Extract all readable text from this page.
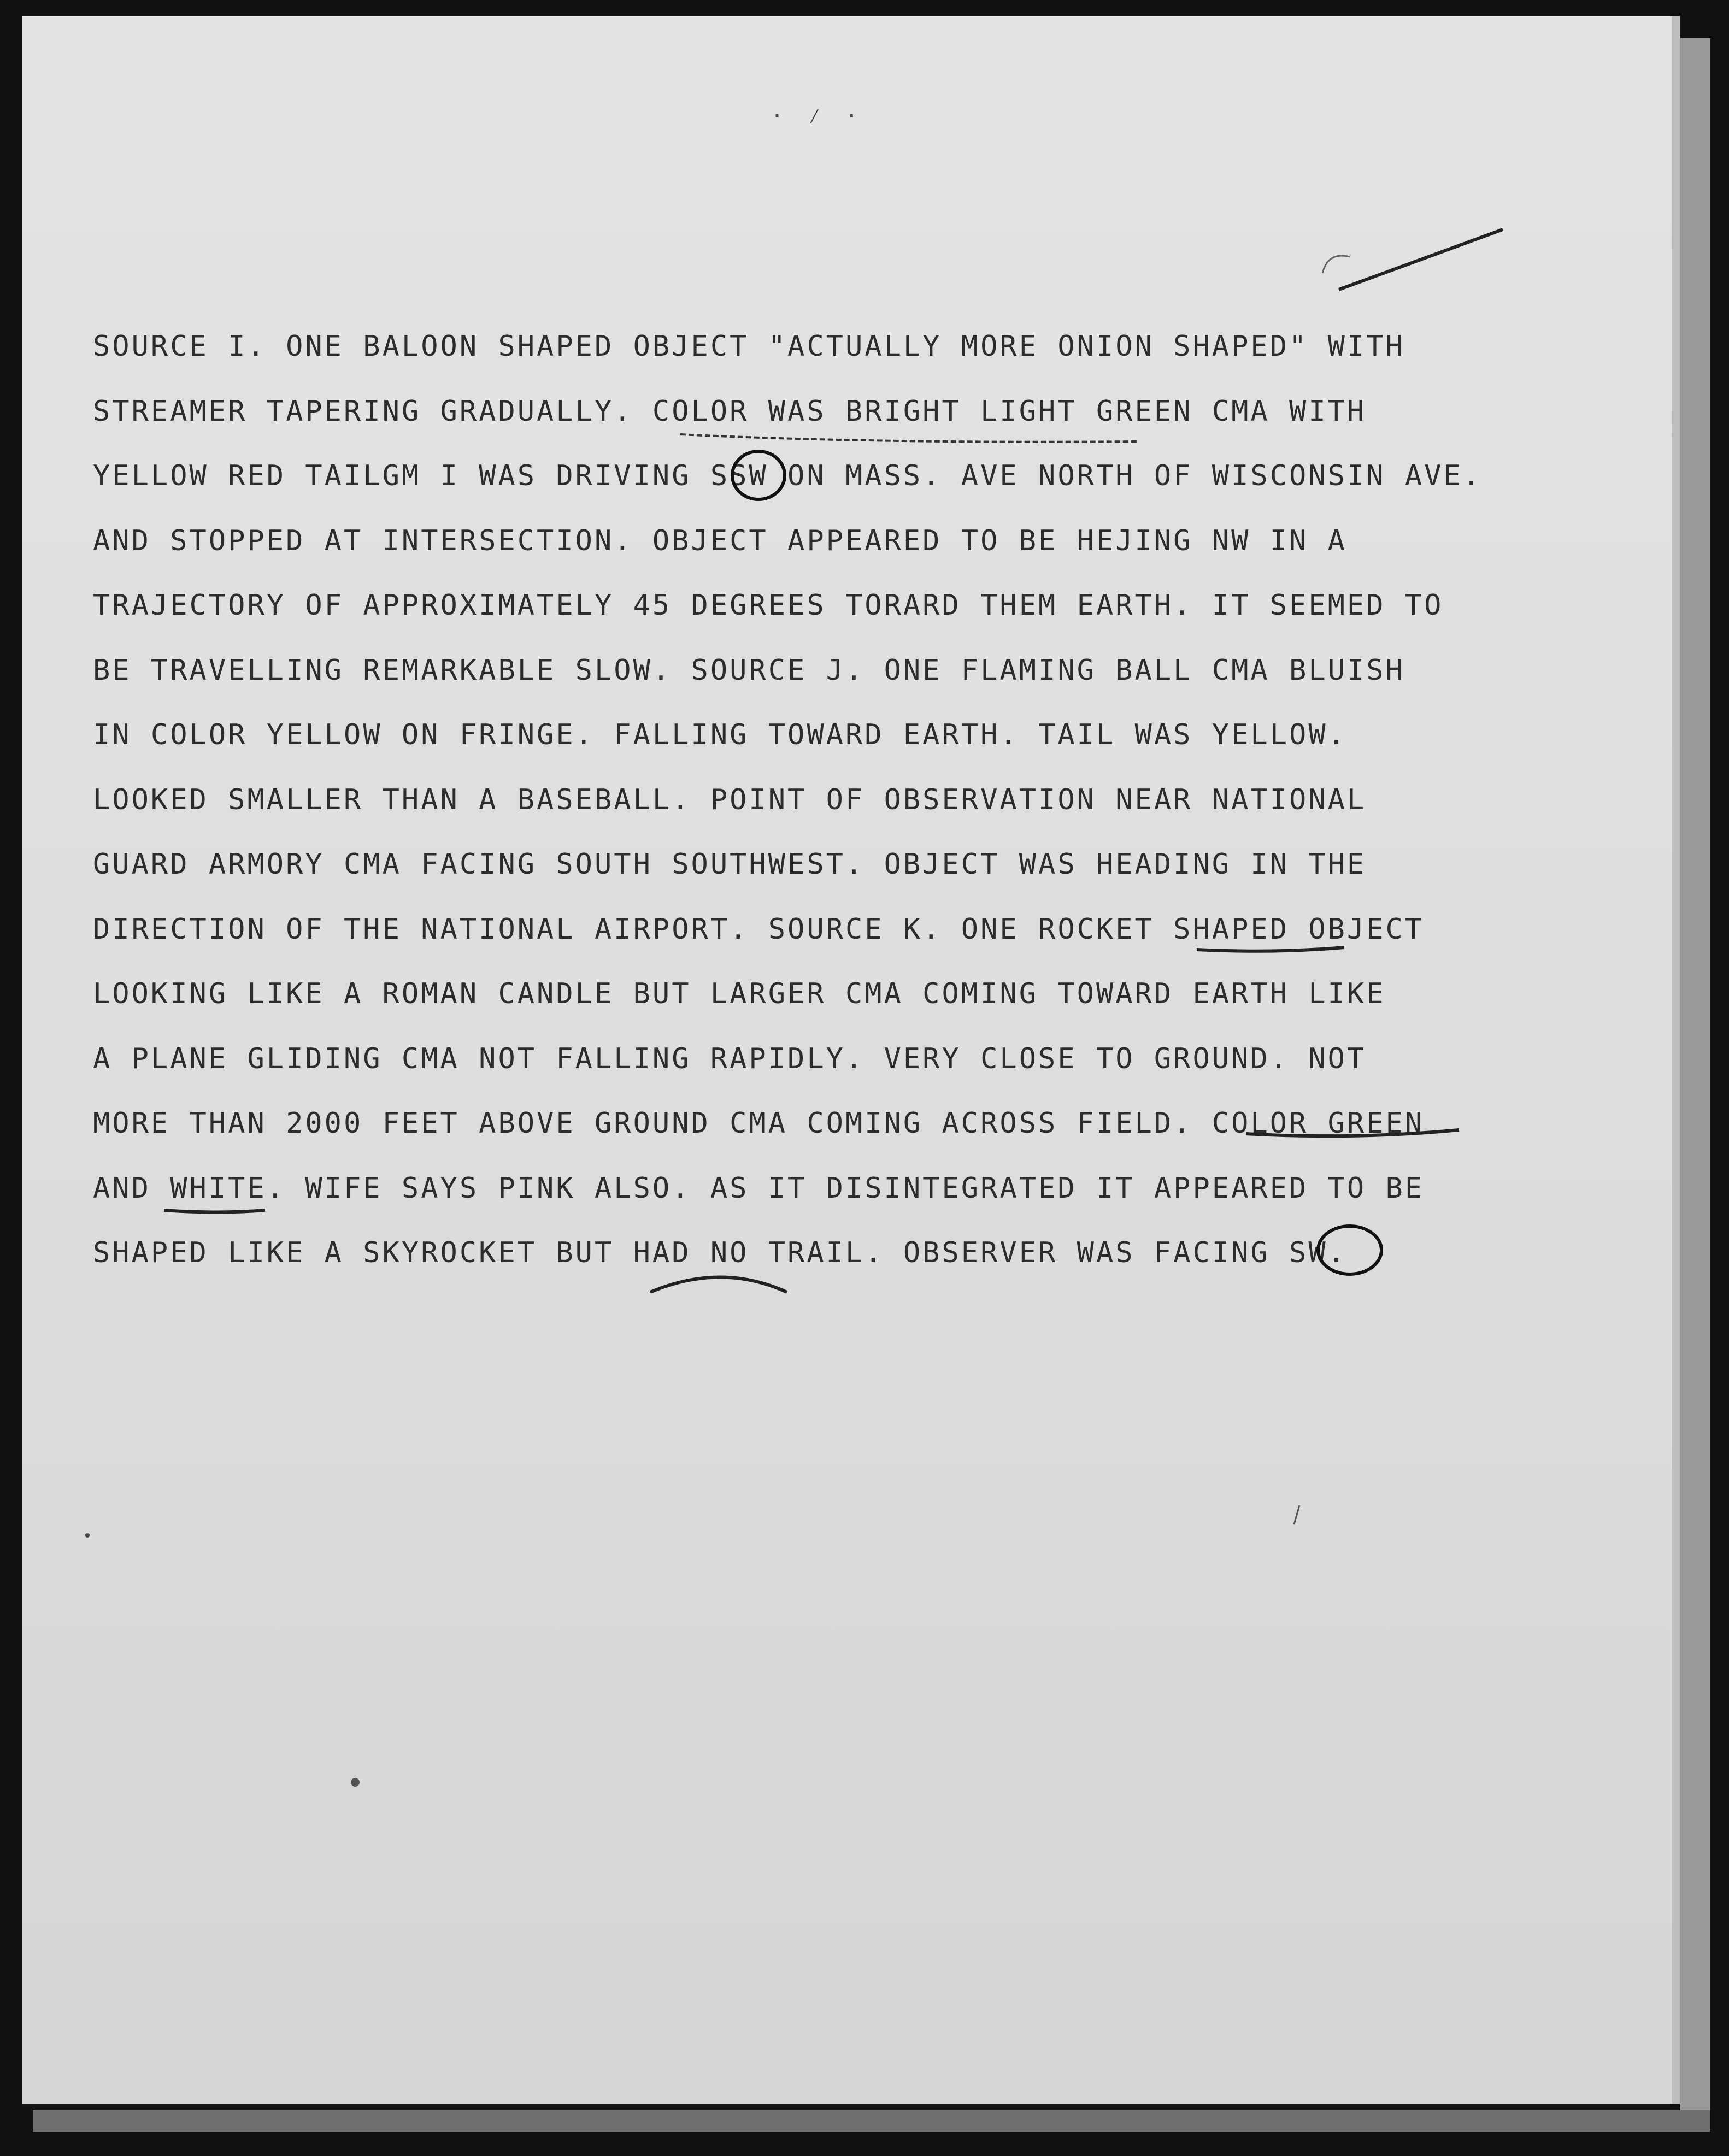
· ⁄ ·
SOURCE I. ONE BALOON SHAPED OBJECT "ACTUALLY MORE ONION SHAPED" WITH
STREAMER TAPERING GRADUALLY. COLOR WAS BRIGHT LIGHT GREEN CMA WITH
YELLOW RED TAILGM I WAS DRIVING SSW ON MASS. AVE NORTH OF WISCONSIN AVE.
AND STOPPED AT INTERSECTION. OBJECT APPEARED TO BE HEJING NW IN A
TRAJECTORY OF APPROXIMATELY 45 DEGREES TORARD THEM EARTH. IT SEEMED TO
BE TRAVELLING REMARKABLE SLOW. SOURCE J. ONE FLAMING BALL CMA BLUISH
IN COLOR YELLOW ON FRINGE. FALLING TOWARD EARTH. TAIL WAS YELLOW.
LOOKED SMALLER THAN A BASEBALL. POINT OF OBSERVATION NEAR NATIONAL
GUARD ARMORY CMA FACING SOUTH SOUTHWEST. OBJECT WAS HEADING IN THE
DIRECTION OF THE NATIONAL AIRPORT. SOURCE K. ONE ROCKET SHAPED OBJECT
LOOKING LIKE A ROMAN CANDLE BUT LARGER CMA COMING TOWARD EARTH LIKE
A PLANE GLIDING CMA NOT FALLING RAPIDLY. VERY CLOSE TO GROUND. NOT
MORE THAN 2000 FEET ABOVE GROUND CMA COMING ACROSS FIELD. COLOR GREEN
AND WHITE. WIFE SAYS PINK ALSO. AS IT DISINTEGRATED IT APPEARED TO BE
SHAPED LIKE A SKYROCKET BUT HAD NO TRAIL. OBSERVER WAS FACING SW.
